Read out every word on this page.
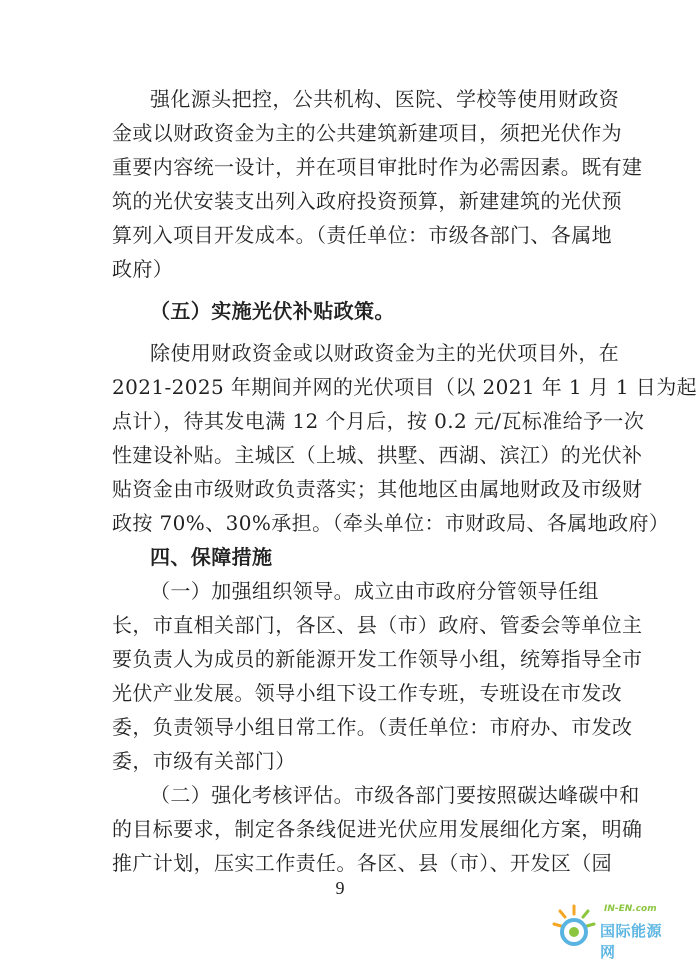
强化源头把控，公共机构、医院、学校等使用财政资
金或以财政资金为主的公共建筑新建项目，须把光伏作为
重要内容统一设计，并在项目审批时作为必需因素。既有建
筑的光伏安装支出列入政府投资预算，新建建筑的光伏预
算列入项目开发成本。（责任单位：市级各部门、各属地
政府）
（五）实施光伏补贴政策。
除使用财政资金或以财政资金为主的光伏项目外，在
2021-2025 年期间并网的光伏项目（以 2021 年 1 月 1 日为起
点计），待其发电满 12 个月后，按 0.2 元/瓦标准给予一次
性建设补贴。主城区（上城、拱墅、西湖、滨江）的光伏补
贴资金由市级财政负责落实；其他地区由属地财政及市级财
政按 70%、30%承担。（牵头单位：市财政局、各属地政府）
四、保障措施
（一）加强组织领导。成立由市政府分管领导任组
长，市直相关部门，各区、县（市）政府、管委会等单位主
要负责人为成员的新能源开发工作领导小组，统筹指导全市
光伏产业发展。领导小组下设工作专班，专班设在市发改
委，负责领导小组日常工作。（责任单位：市府办、市发改
委，市级有关部门）
（二）强化考核评估。市级各部门要按照碳达峰碳中和
的目标要求，制定各条线促进光伏应用发展细化方案，明确
推广计划，压实工作责任。各区、县（市）、开发区（园
9
IN-EN.com
国际能源网
